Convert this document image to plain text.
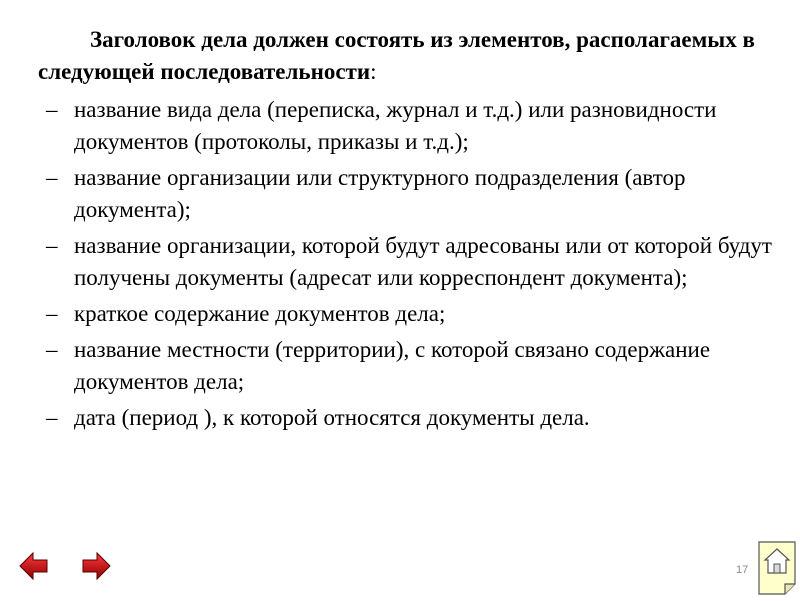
Заголовок дела должен состоять из элементов, располагаемых в следующей последовательности:

– название вида дела (переписка, журнал и т.д.) или разновидности документов (протоколы, приказы и т.д.);
– название организации или структурного подразделения (автор документа);
– название организации, которой будут адресованы или от которой будут получены документы (адресат или корреспондент документа);
– краткое содержание документов дела;
– название местности (территории), с которой связано содержание документов дела;
– дата (период ), к которой относятся документы дела.
17
